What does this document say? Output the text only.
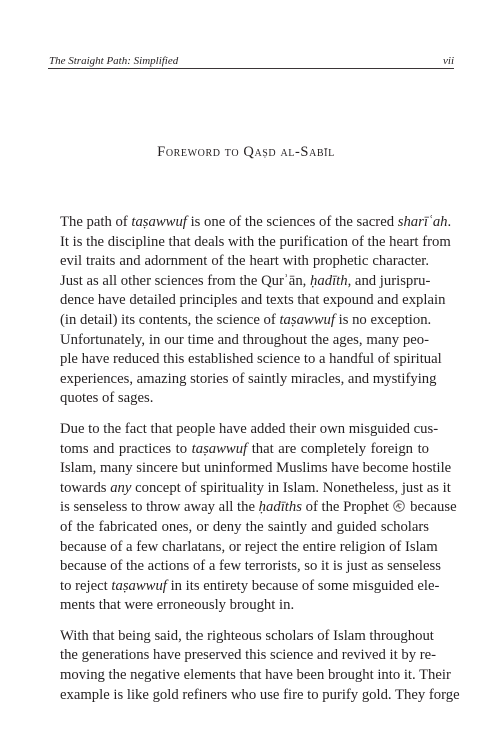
The Straight Path: Simplified	vii
Foreword to Qaṣd al-Sabīl
The path of taṣawwuf is one of the sciences of the sacred sharīʿah.
It is the discipline that deals with the purification of the heart from
evil traits and adornment of the heart with prophetic character.
Just as all other sciences from the Qurʾān, ḥadīth, and jurispru-
dence have detailed principles and texts that expound and explain
(in detail) its contents, the science of taṣawwuf is no exception.
Unfortunately, in our time and throughout the ages, many peo-
ple have reduced this established science to a handful of spiritual
experiences, amazing stories of saintly miracles, and mystifying
quotes of sages.
Due to the fact that people have added their own misguided cus-
toms and practices to taṣawwuf that are completely foreign to
Islam, many sincere but uninformed Muslims have become hostile
towards any concept of spirituality in Islam. Nonetheless, just as it
is senseless to throw away all the ḥadīths of the Prophet  because
of the fabricated ones, or deny the saintly and guided scholars
because of a few charlatans, or reject the entire religion of Islam
because of the actions of a few terrorists, so it is just as senseless
to reject taṣawwuf in its entirety because of some misguided ele-
ments that were erroneously brought in.
With that being said, the righteous scholars of Islam throughout
the generations have preserved this science and revived it by re-
moving the negative elements that have been brought into it. Their
example is like gold refiners who use fire to purify gold. They forge
